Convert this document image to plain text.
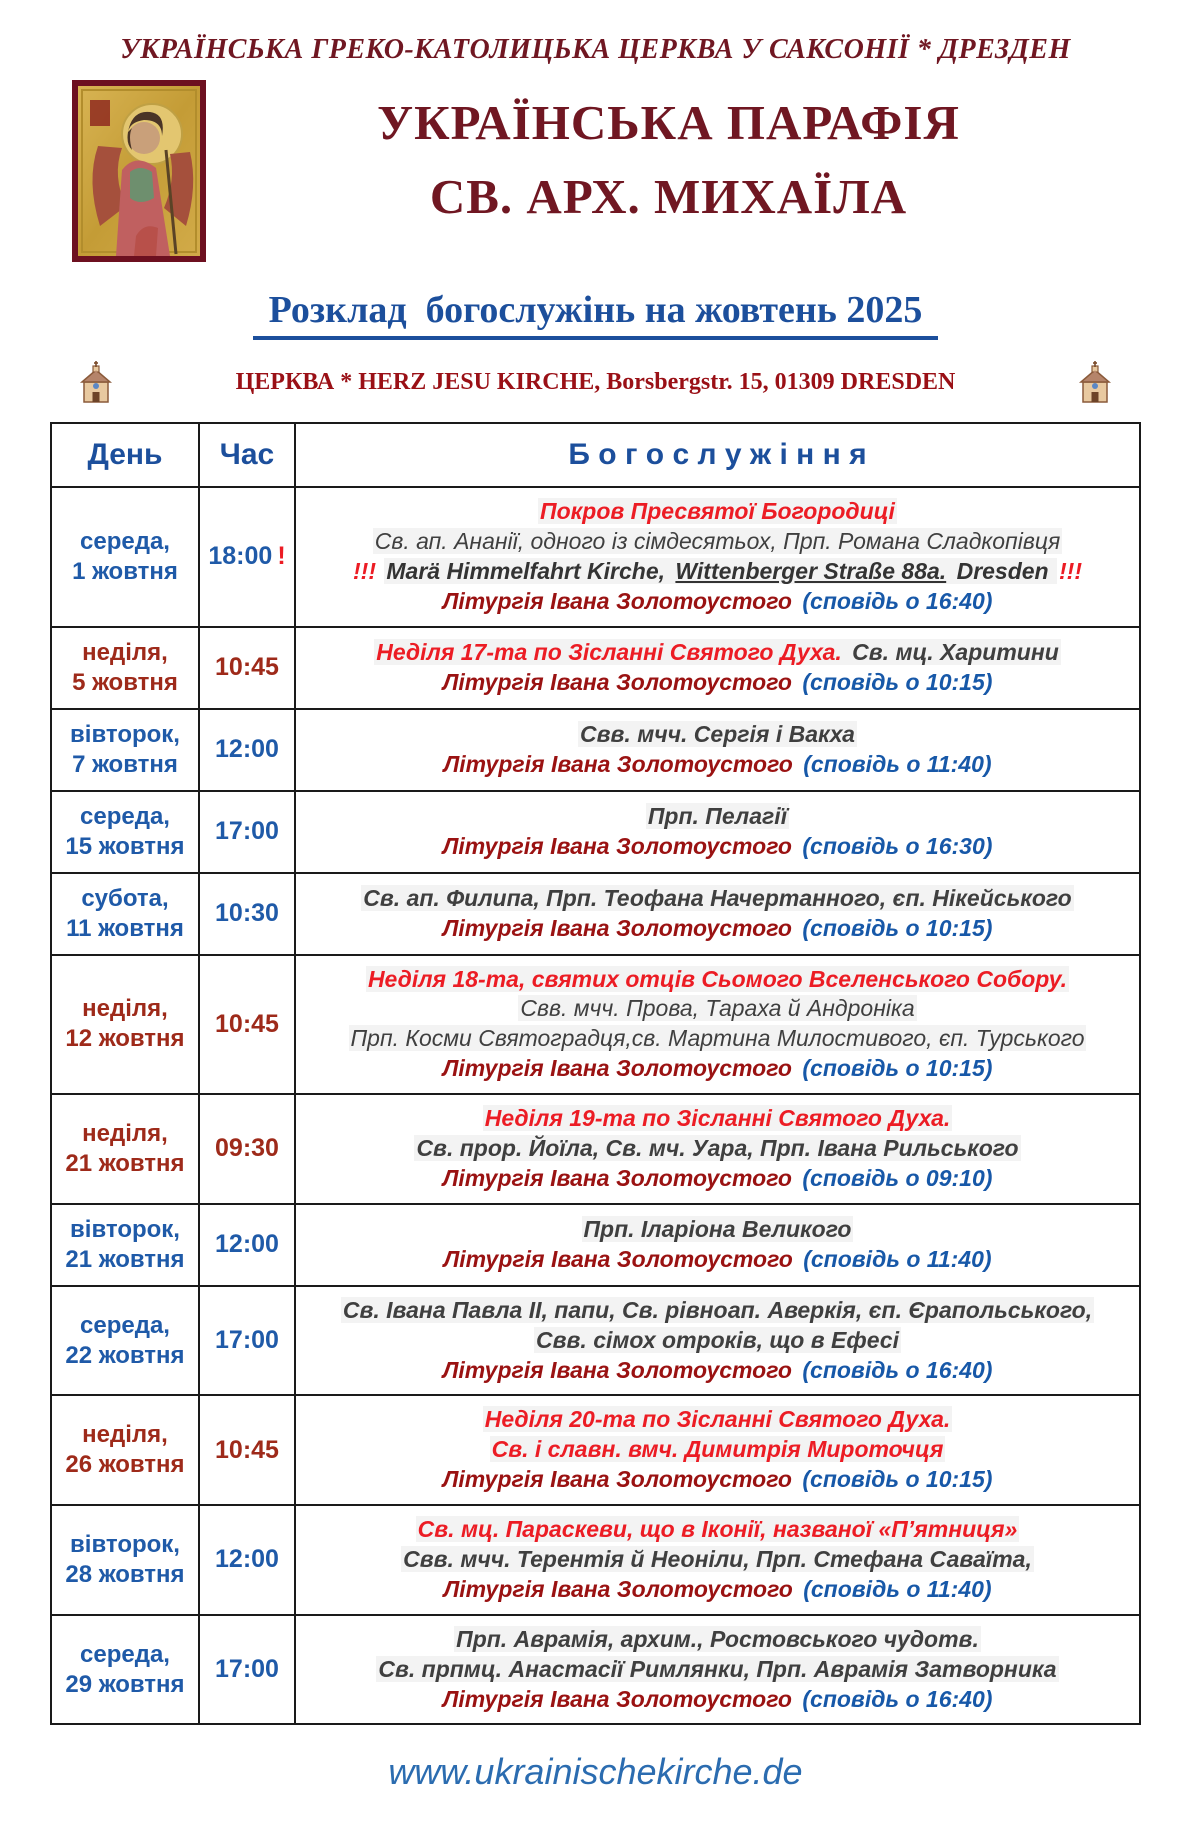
УКРАЇНСЬКА ГРЕКО-КАТОЛИЦЬКА ЦЕРКВА У САКСОНІЇ * ДРЕЗДЕН
УКРАЇНСЬКА ПАРАФІЯ
СВ. АРХ. МИХАЇЛА
Розклад  богослужінь на жовтень 2025
ЦЕРКВА * HERZ JESU KIRCHE, Borsbergstr. 15, 01309 DRESDEN
День	Час	Б о г о с л у ж і н н я

середа,
1 жовтня
	18:00 !	
Покров Пресвятої Богородиці
Св. ап. Ананії, одного із сімдесятьох, Прп. Романа Сладкопівця
!!! Marä Himmelfahrt Kirche, Wittenberger Straße 88a. Dresden !!!
Літургія Івана Золотоустого (сповідь о 16:40)

неділя,
5 жовтня
	10:45	
Неділя 17-та по Зісланні Святого Духа. Св. мц. Харитини
Літургія Івана Золотоустого (сповідь о 10:15)

вівторок,
7 жовтня
	12:00	
Свв. мчч. Сергія і Вакха
Літургія Івана Золотоустого (сповідь о 11:40)

середа,
15 жовтня
	17:00	
Прп. Пелагії
Літургія Івана Золотоустого (сповідь о 16:30)

субота,
11 жовтня
	10:30	
Св. ап. Филипа, Прп. Теофана Начертанного, єп. Нікейського
Літургія Івана Золотоустого (сповідь о 10:15)

неділя,
12 жовтня
	10:45	
Неділя 18-та, святих отців Сьомого Вселенського Собору.
Свв. мчч. Прова, Тараха й Андроніка
Прп. Косми Святоградця,св. Мартина Милостивого, єп. Турського
Літургія Івана Золотоустого (сповідь о 10:15)

неділя,
21 жовтня
	09:30	
Неділя 19-та по Зісланні Святого Духа.
Св. прор. Йоїла, Св. мч. Уара, Прп. Івана Рильського
Літургія Івана Золотоустого (сповідь о 09:10)

вівторок,
21 жовтня
	12:00	
Прп. Іларіона Великого
Літургія Івана Золотоустого (сповідь о 11:40)

середа,
22 жовтня
	17:00	
Св. Івана Павла II, папи, Св. рівноап. Аверкія, єп. Єрапольського,
Свв. сімох отроків, що в Ефесі
Літургія Івана Золотоустого (сповідь о 16:40)

неділя,
26 жовтня
	10:45	
Неділя 20-та по Зісланні Святого Духа.
Св. і славн. вмч. Димитрія Мироточця
Літургія Івана Золотоустого (сповідь о 10:15)

вівторок,
28 жовтня
	12:00	
Св. мц. Параскеви, що в Іконії, названої «П’ятниця»
Свв. мчч. Терентія й Неоніли, Прп. Стефана Саваїта,
Літургія Івана Золотоустого (сповідь о 11:40)

середа,
29 жовтня
	17:00	
Прп. Аврамія, архим., Ростовського чудотв.
Св. прпмц. Анастасії Римлянки, Прп. Аврамія Затворника
Літургія Івана Золотоустого (сповідь о 16:40)
www.ukrainischekirche.de
